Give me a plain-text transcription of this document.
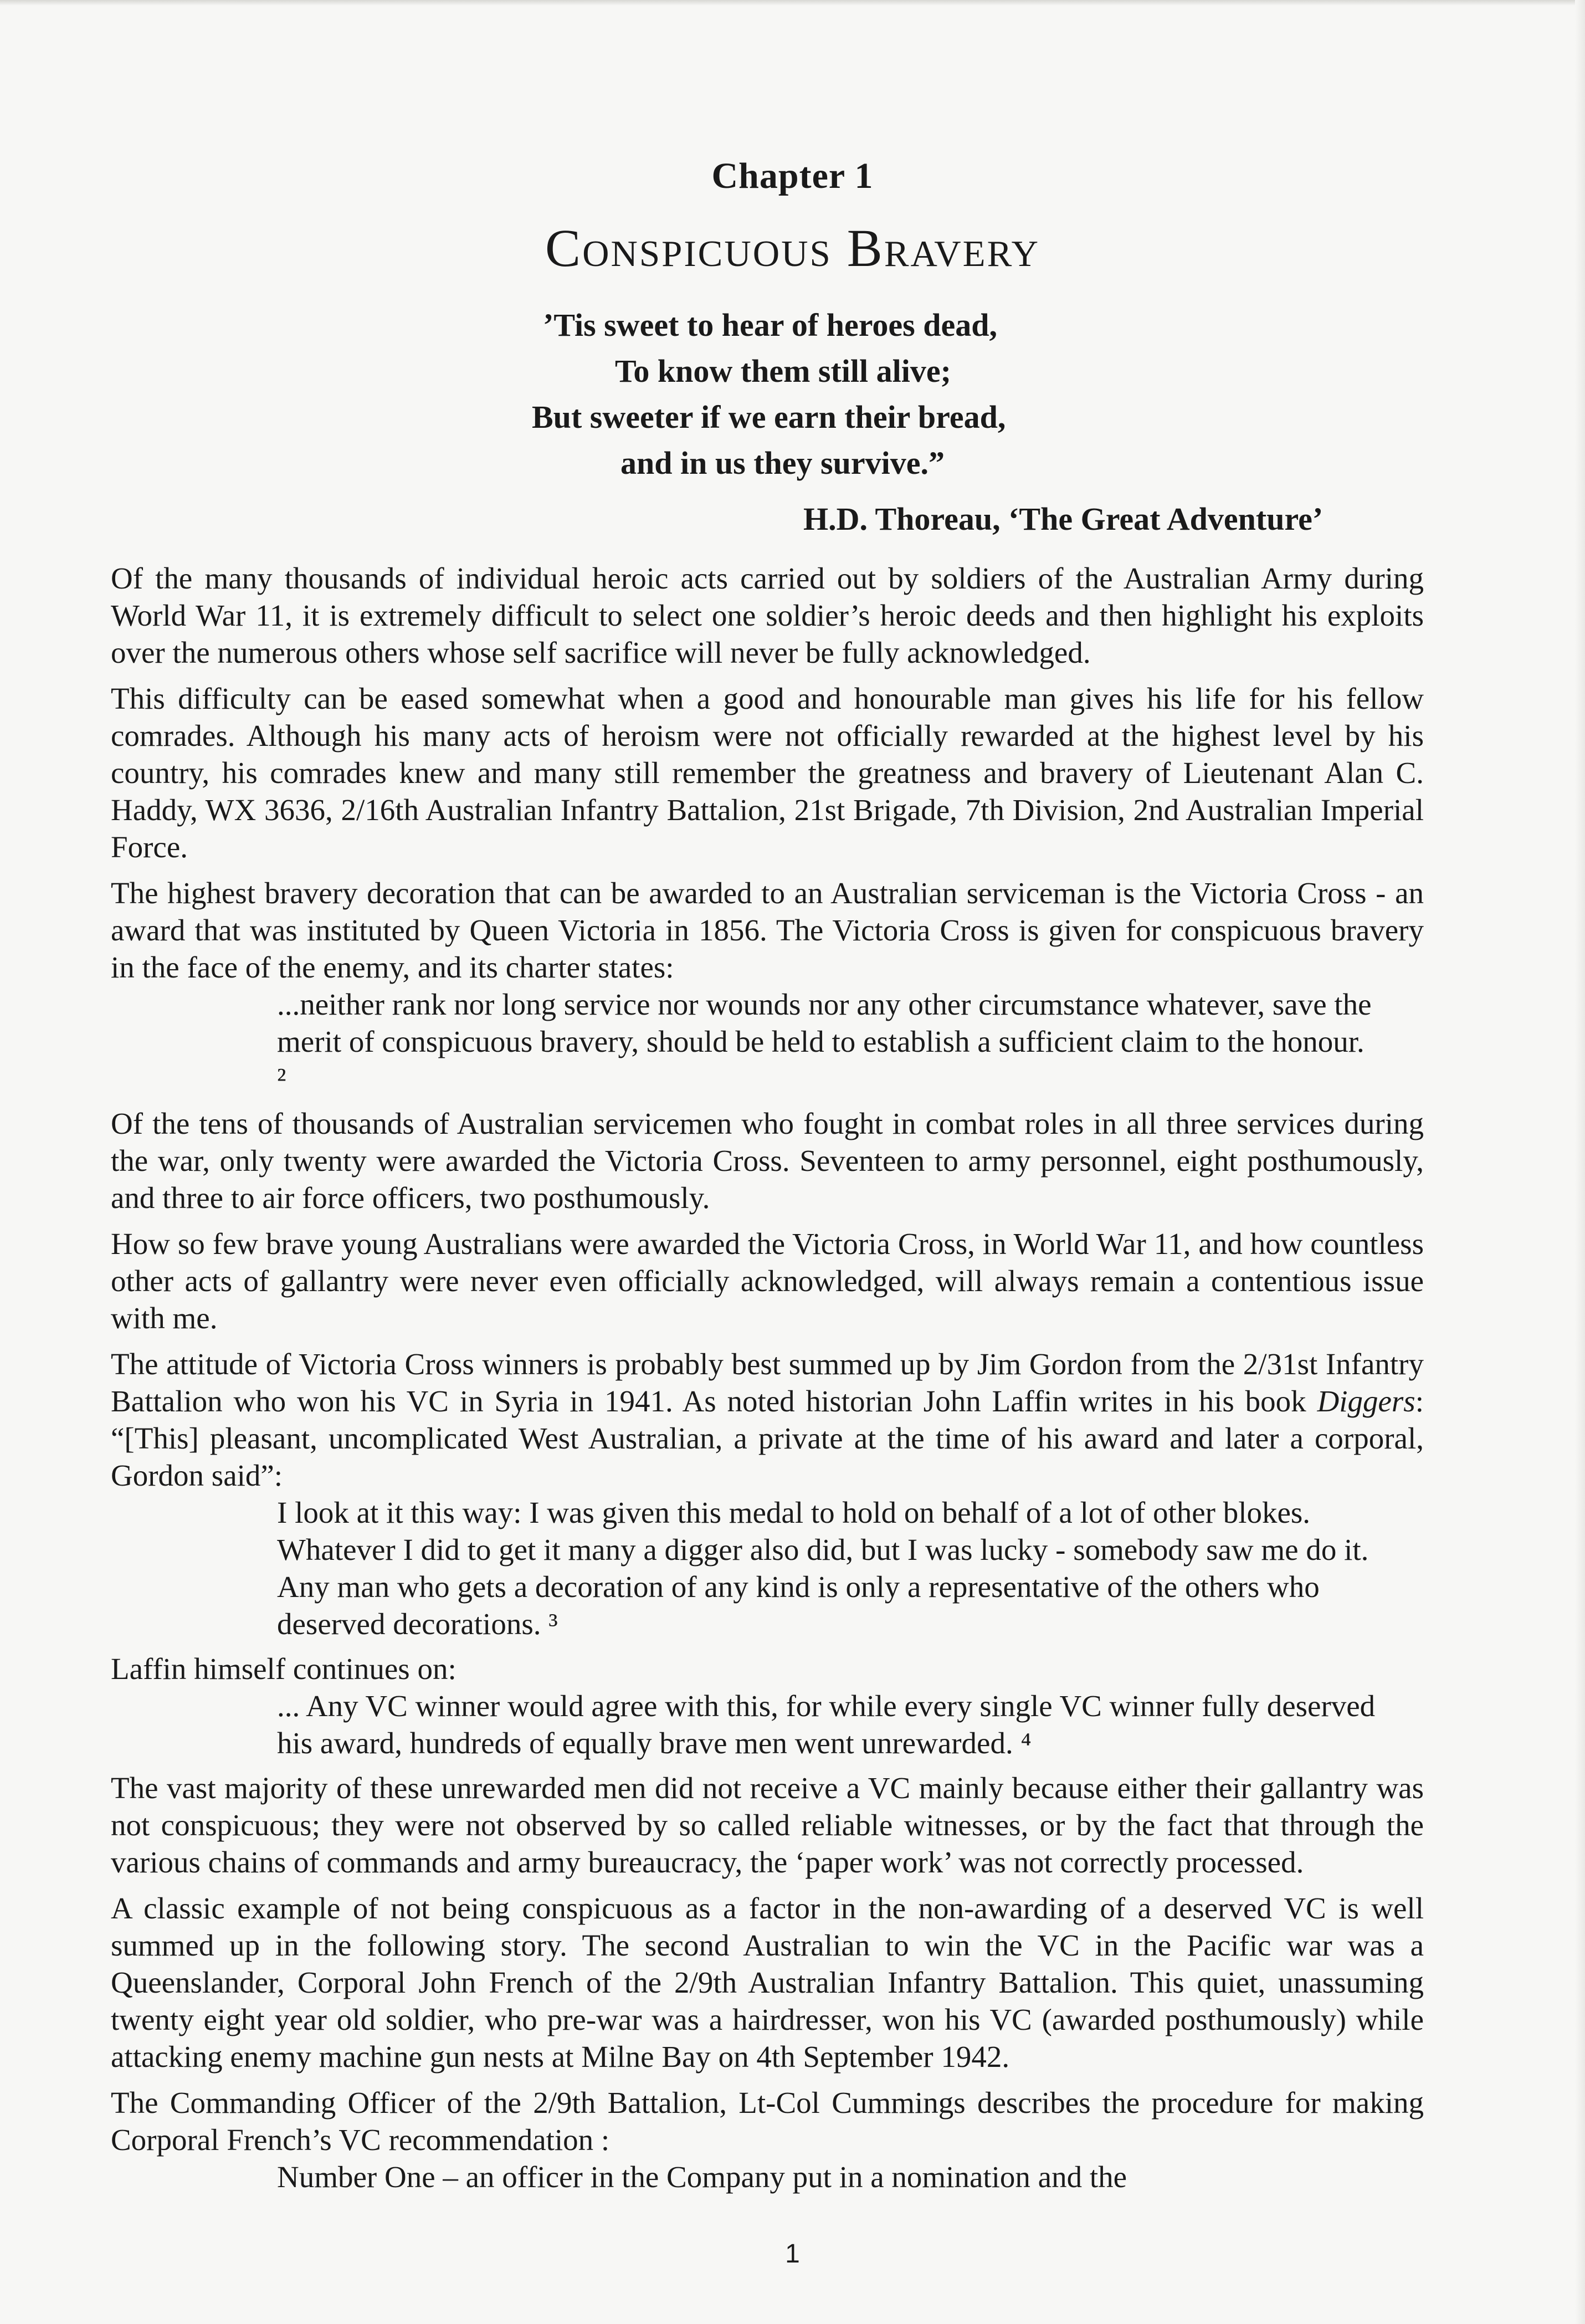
Chapter 1
Conspicuous Bravery
’Tis sweet to hear of heroes dead,
To know them still alive;
But sweeter if we earn their bread,
and in us they survive.”
H.D. Thoreau, ‘The Great Adventure’

Of the many thousands of individual heroic acts carried out by soldiers of the Australian Army during World War 11, it is extremely difficult to select one soldier’s heroic deeds and then highlight his exploits over the numerous others whose self sacrifice will never be fully acknowledged.

This difficulty can be eased somewhat when a good and honourable man gives his life for his fellow comrades. Although his many acts of heroism were not officially rewarded at the highest level by his country, his comrades knew and many still remember the greatness and bravery of Lieutenant Alan C. Haddy, WX 3636, 2/16th Australian Infantry Battalion, 21st Brigade, 7th Division, 2nd Australian Imperial Force.

The highest bravery decoration that can be awarded to an Australian serviceman is the Victoria Cross - an award that was instituted by Queen Victoria in 1856. The Victoria Cross is given for conspicuous bravery in the face of the enemy, and its charter states:

...neither rank nor long service nor wounds nor any other circumstance whatever, save the merit of conspicuous bravery, should be held to establish a sufficient claim to the honour. ²

Of the tens of thousands of Australian servicemen who fought in combat roles in all three services during the war, only twenty were awarded the Victoria Cross. Seventeen to army personnel, eight posthumously, and three to air force officers, two posthumously.

How so few brave young Australians were awarded the Victoria Cross, in World War 11, and how countless other acts of gallantry were never even officially acknowledged, will always remain a contentious issue with me.

The attitude of Victoria Cross winners is probably best summed up by Jim Gordon from the 2/31st Infantry Battalion who won his VC in Syria in 1941. As noted historian John Laffin writes in his book Diggers: “[This] pleasant, uncomplicated West Australian, a private at the time of his award and later a corporal, Gordon said”:

I look at it this way: I was given this medal to hold on behalf of a lot of other blokes. Whatever I did to get it many a digger also did, but I was lucky - somebody saw me do it. Any man who gets a decoration of any kind is only a representative of the others who deserved decorations. ³

Laffin himself continues on:

... Any VC winner would agree with this, for while every single VC winner fully deserved his award, hundreds of equally brave men went unrewarded. ⁴

The vast majority of these unrewarded men did not receive a VC mainly because either their gallantry was not conspicuous; they were not observed by so called reliable witnesses, or by the fact that through the various chains of commands and army bureaucracy, the ‘paper work’ was not correctly processed.

A classic example of not being conspicuous as a factor in the non-awarding of a deserved VC is well summed up in the following story. The second Australian to win the VC in the Pacific war was a Queenslander, Corporal John French of the 2/9th Australian Infantry Battalion. This quiet, unassuming twenty eight year old soldier, who pre-war was a hairdresser, won his VC (awarded posthumously) while attacking enemy machine gun nests at Milne Bay on 4th September 1942.

The Commanding Officer of the 2/9th Battalion, Lt-Col Cummings describes the procedure for making Corporal French’s VC recommendation :

Number One – an officer in the Company put in a nomination and the
1
